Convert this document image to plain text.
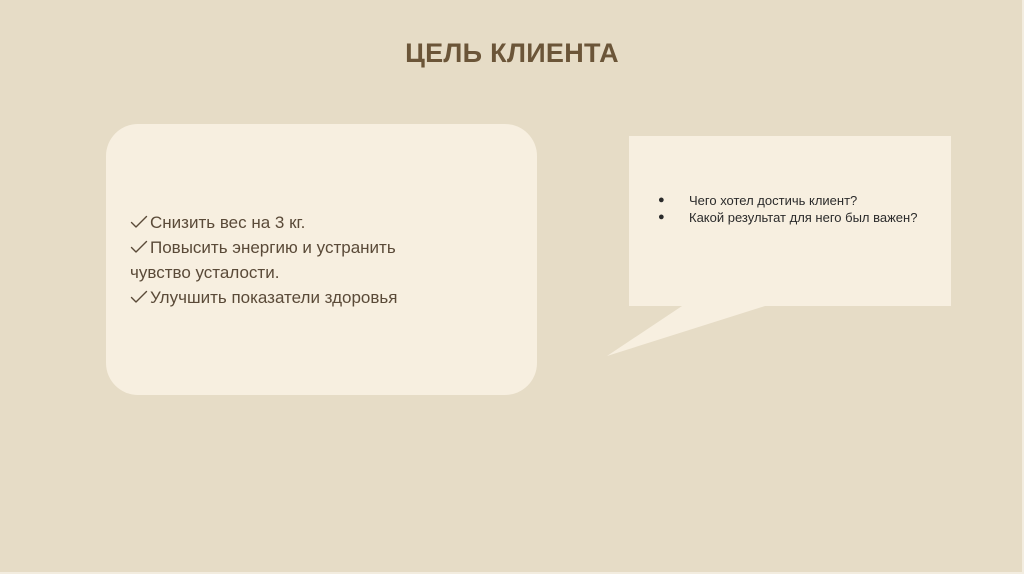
ЦЕЛЬ КЛИЕНТА
Снизить вес на 3 кг.
Повысить энергию и устранить
чувство усталости.
Улучшить показатели здоровья
● Чего хотел достичь клиент?
● Какой результат для него был важен?
